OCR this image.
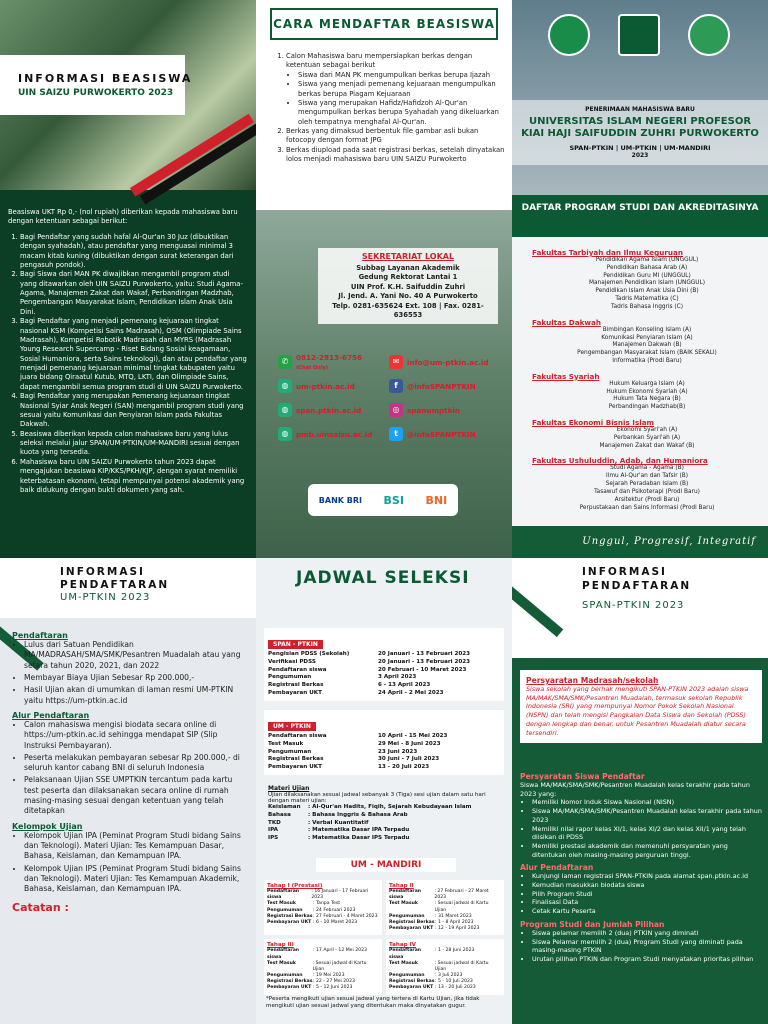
INFORMASI BEASISWA
UIN SAIZU PURWOKERTO 2023

Beasiswa UKT Rp 0,- (nol rupiah) diberikan kepada mahasiswa baru dengan ketentuan sebagai berikut:

1. Bagi Pendaftar yang sudah hafal Al-Qur'an 30 Juz (dibuktikan dengan syahadah), atau pendaftar yang menguasai minimal 3 macam kitab kuning (dibuktikan dengan surat keterangan dari pengasuh pondok).
2. Bagi Siswa dari MAN PK diwajibkan mengambil program studi yang ditawarkan oleh UIN SAIZU Purwokerto, yaitu: Studi Agama-Agama, Manajemen Zakat dan Wakaf, Perbandingan Madzhab, Pengembangan Masyarakat Islam, Pendidikan Islam Anak Usia Dini.
3. Bagi Pendaftar yang menjadi pemenang kejuaraan tingkat nasional KSM (Kompetisi Sains Madrasah), OSM (Olimpiade Sains Madrasah), Kompetisi Robotik Madrasah dan MYRS (Madrasah Young Research Supercamp - Riset Bidang Sosial keagamaan, Sosial Humaniora, serta Sains teknologi), dan atau pendaftar yang menjadi pemenang kejuaraan minimal tingkat kabupaten yaitu juara bidang Qiraatul Kutub, MTQ, LKTI, dan Olimpiade Sains, dapat mengambil semua program studi di UIN SAIZU Purwokerto.
4. Bagi Pendaftar yang merupakan Pemenang kejuaraan tingkat Nasional Syiar Anak Negeri (SAN) mengambil program studi yang sesuai yaitu Komunikasi dan Penyiaran Islam pada Fakultas Dakwah.
5. Beasiswa diberikan kepada calon mahasiswa baru yang lulus seleksi melalui jalur SPAN/UM-PTKIN/UM-MANDIRI sesuai dengan kuota yang tersedia.
6. Mahasiswa baru UIN SAIZU Purwokerto tahun 2023 dapat mengajukan beasiswa KIP/KKS/PKH/KJP, dengan syarat memiliki keterbatasan ekonomi, tetapi mempunyai potensi akademik yang baik didukung dengan bukti dokumen yang sah.
CARA MENDAFTAR BEASISWA
1. Calon Mahasiswa baru mempersiapkan berkas dengan ketentuan sebagai berikut
• Siswa dari MAN PK mengumpulkan berkas berupa Ijazah
• Siswa yang menjadi pemenang kejuaraan mengumpulkan berkas berupa Piagam Kejuaraan
• Siswa yang merupakan Hafidz/Hafidzoh Al-Qur'an mengumpulkan berkas berupa Syahadah yang dikeluarkan oleh tempatnya menghafal Al-Qur'an.
2. Berkas yang dimaksud berbentuk file gambar asli bukan fotocopy dengan format JPG
3. Berkas diupload pada saat registrasi berkas, setelah dinyatakan lolos menjadi mahasiswa baru UIN SAIZU Purwokerto
SEKRETARIAT LOKAL
Subbag Layanan Akademik
Gedung Rektorat Lantai 1
UIN Prof. K.H. Saifuddin Zuhri
Jl. Jend. A. Yani No. 40 A Purwokerto
Telp. 0281-635624 Ext. 108 | Fax. 0281-636553
✆	0812-2813-6756
(Chat Only)
✉	info@um-ptkin.ac.id
◍	um-ptkin.ac.id	f	@infoSPANPTKIN
◍	span.ptkin.ac.id	◎	spanumptkin
◍	pmb.uinsaizu.ac.id	t	@infoSPANPTKIN
BANK BRI BSI BNI
PENERIMAAN MAHASISWA BARU
UNIVERSITAS ISLAM NEGERI PROFESOR KIAI HAJI SAIFUDDIN ZUHRI PURWOKERTO
SPAN-PTKIN | UM-PTKIN | UM-MANDIRI
2023
DAFTAR PROGRAM STUDI DAN AKREDITASINYA
Fakultas Tarbiyah dan Ilmu Keguruan
Pendidikan Agama Islam (UNGGUL)
Pendidikan Bahasa Arab (A)
Pendidikan Guru MI (UNGGUL)
Manajemen Pendidikan Islam (UNGGUL)
Pendidikan Islam Anak Usia Dini (B)
Tadris Matematika (C)
Tadris Bahasa Inggris (C)
Fakultas Dakwah
Bimbingan Konseling Islam (A)
Komunikasi Penyiaran Islam (A)
Manajemen Dakwah (B)
Pengembangan Masyarakat Islam (BAIK SEKALI)
Informatika (Prodi Baru)
Fakultas Syariah
Hukum Keluarga Islam (A)
Hukum Ekonomi Syariah (A)
Hukum Tata Negara (B)
Perbandingan Madzhab(B)
Fakultas Ekonomi Bisnis Islam
Ekonomi Syari'ah (A)
Perbankan Syari'ah (A)
Manajemen Zakat dan Wakaf (B)
Fakultas Ushuluddin, Adab, dan Humaniora
Studi Agama - Agama (B)
Ilmu Al-Qur'an dan Tafsir (B)
Sejarah Peradaban Islam (B)
Tasawuf dan Psikoterapi (Prodi Baru)
Arsitektur (Prodi Baru)
Perpustakaan dan Sains Informasi (Prodi Baru)
Unggul, Progresif, Integratif
INFORMASI PENDAFTARAN
UM-PTKIN 2023
Pendaftaran
• Lulus dari Satuan Pendidikan MA/MADRASAH/SMA/SMK/Pesantren Muadalah atau yang setara tahun 2020, 2021, dan 2022
• Membayar Biaya Ujian Sebesar Rp 200.000,-
• Hasil Ujian akan di umumkan di laman resmi UM-PTKIN yaitu https://um-ptkin.ac.id
Alur Pendaftaran
• Calon mahasiswa mengisi biodata secara online di https://um-ptkin.ac.id sehingga mendapat SIP (Slip Instruksi Pembayaran).
• Peserta melakukan pembayaran sebesar Rp 200.000,- di seluruh kantor cabang BNI di seluruh Indonesia
• Pelaksanaan Ujian SSE UMPTKIN tercantum pada kartu test peserta dan dilaksanakan secara online di rumah masing-masing sesuai dengan ketentuan yang telah ditetapkan
Kelompok Ujian
• Kelompok Ujian IPA (Peminat Program Studi bidang Sains dan Teknologi). Materi Ujian: Tes Kemampuan Dasar, Bahasa, Keislaman, dan Kemampuan IPA.
• Kelompok Ujian IPS (Peminat Program Studi bidang Sains dan Teknologi). Materi Ujian: Tes Kemampuan Akademik, Bahasa, Keislaman, dan Kemampuan IPA.
Catatan :
JADWAL SELEKSI
SPAN - PTKIN
Pengisian PDSS (Sekolah)	20 Januari - 13 Februari 2023
Verifikasi PDSS	20 Januari - 13 Februari 2023
Pendaftaran siswa	20 Februari - 10 Maret 2023
Pengumuman	3 April 2023
Registrasi Berkas	6 - 13 April 2023
Pembayaran UKT	24 April - 2 Mei 2023
UM - PTKIN
Pendaftaran siswa	10 April - 15 Mei 2023
Test Masuk	29 Mei - 8 Juni 2023
Pengumuman	23 Juni 2023
Registrasi Berkas	30 Juni - 7 Juli 2023
Pembayaran UKT	13 - 20 Juli 2023
Materi Ujian
Ujian dilaksanakan sesuai jadwal sebanyak 3 (Tiga) sesi ujian dalam satu hari dengan materi ujian:
Keislaman	: Al-Qur'an Hadits, Fiqih, Sejarah Kebudayaan Islam
Bahasa	: Bahasa Inggris & Bahasa Arab
TKD	: Verbal Kuantitatif
IPA	: Matematika Dasar IPA Terpadu
IPS	: Matematika Dasar IPS Terpadu
UM - MANDIRI
Tahap I (Prestasi)
Pendaftaran siswa
: 16 Januari - 17 Februari 2023
Test Masuk	: Tanpa Test
Pengumuman	: 24 Februari 2023
Registrasi Berkas : 27 Februari - 4 Maret 2023
Pembayaran UKT : 6 - 10 Maret 2023
Tahap II
Pendaftaran siswa
: 27 Februari - 27 Maret 2023
Test Masuk	: Sesuai jadwal di Kartu Ujian
Pengumuman	: 31 Maret 2023
Registrasi Berkas : 1 - 8 April 2023
Pembayaran UKT : 12 - 19 April 2023
Tahap III
Pendaftaran siswa
: 17 April - 12 Mei 2023
Test Masuk	: Sesuai jadwal di Kartu Ujian
Pengumuman	: 19 Mei 2023
Registrasi Berkas : 22 - 27 Mei 2023
Pembayaran UKT : 5 - 12 Juni 2023
Tahap IV
Pendaftaran siswa
: 1 - 28 Juni 2023
Test Masuk	: Sesuai jadwal di Kartu Ujian
Pengumuman	: 3 Juli 2023
Registrasi Berkas : 5 - 10 Juli 2023
Pembayaran UKT : 13 - 20 Juli 2023
*Peserta mengikuti ujian sesuai jadwal yang tertera di Kartu Ujian, jika tidak mengikuti ujian sesuai jadwal yang ditentukan maka dinyatakan gugur.
INFORMASI PENDAFTARAN
SPAN-PTKIN 2023
Persyaratan Madrasah/sekolah
Siswa sekolah yang berhak mengikuti SPAN-PTKIN 2023 adalah siswa MA/MAK/SMA/SMK/Pesantren Muadalah, termasuk sekolah Republik Indonesia (SRI) yang mempunyai Nomor Pokok Sekolah Nasional (NSPN) dan telah mengisi Pangkalan Data Siswa dan Sekolah (PDSS) dengan lengkap dan benar, untuk Pesantren Muadalah diatur secara tersendiri.
Persyaratan Siswa Pendaftar
Siswa MA/MAK/SMA/SMK/Pesantren Muadalah kelas terakhir pada tahun 2023 yang:
• Memiliki Nomor Induk Siswa Nasional (NISN)
• Siswa MA/MAK/SMA/SMK/Pesantren Muadalah kelas terakhir pada tahun 2023
• Memiliki nilai rapor kelas XI/1, kelas XI/2 dan kelas XII/1 yang telah diisikan di PDSS
• Memiliki prestasi akademik dan memenuhi persyaratan yang ditentukan oleh masing-masing perguruan tinggi.
Alur Pendaftaran
• Kunjungi laman registrasi SPAN-PTKIN pada alamat span.ptkin.ac.id
• Kemudian masukkan biodata siswa
• Pilih Program Studi
• Finalisasi Data
• Cetak Kartu Peserta
Program Studi dan Jumlah Pilihan
• Siswa pelamar memilih 2 (dua) PTKIN yang diminati
• Siswa Pelamar memilih 2 (dua) Program Studi yang diminati pada masing-masing PTKIN
• Urutan pilihan PTKIN dan Program Studi menyatakan prioritas pilihan
